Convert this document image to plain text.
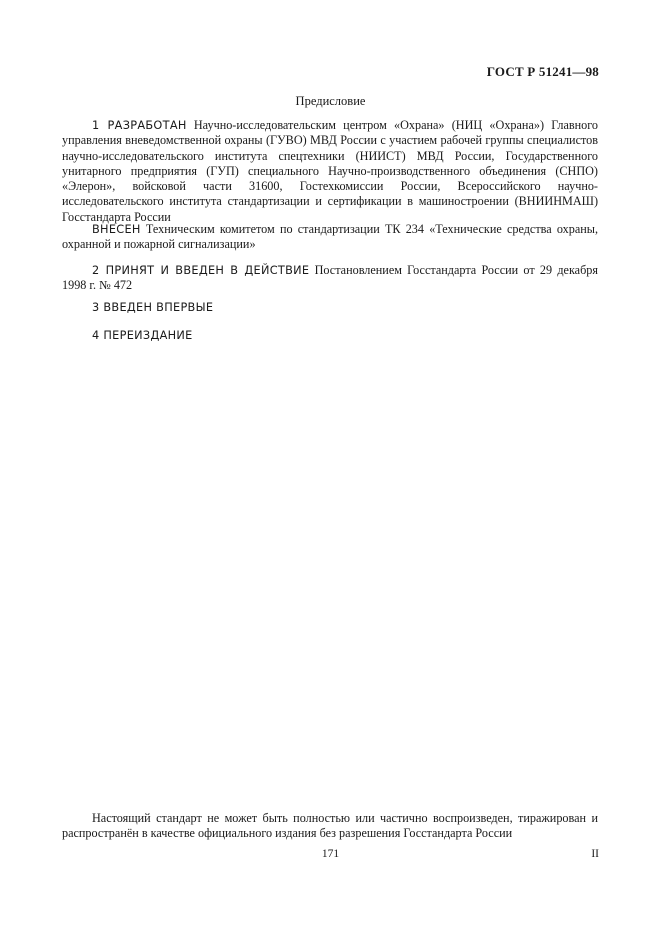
ГОСТ Р 51241—98
Предисловие

1 РАЗРАБОТАН Научно-исследовательским центром «Охрана» (НИЦ «Охрана») Главного управления вневедомственной охраны (ГУВО) МВД России с участием рабочей группы специалистов научно-исследовательского института спецтехники (НИИСТ) МВД России, Государственного унитарного предприятия (ГУП) специального Научно-производственного объединения (СНПО) «Элерон», войсковой части 31600, Гостехкомиссии России, Всероссийского научно-исследовательского института стандартизации и сертификации в машиностроении (ВНИИНМАШ) Госстандарта России

ВНЕСЕН Техническим комитетом по стандартизации ТК 234 «Технические средства охраны, охранной и пожарной сигнализации»

2 ПРИНЯТ И ВВЕДЕН В ДЕЙСТВИЕ Постановлением Госстандарта России от 29 декабря 1998 г. № 472

3 ВВЕДЕН ВПЕРВЫЕ

4 ПЕРЕИЗДАНИЕ

Настоящий стандарт не может быть полностью или частично воспроизведен, тиражирован и распространён в качестве официального издания без разрешения Госстандарта России

171	II
